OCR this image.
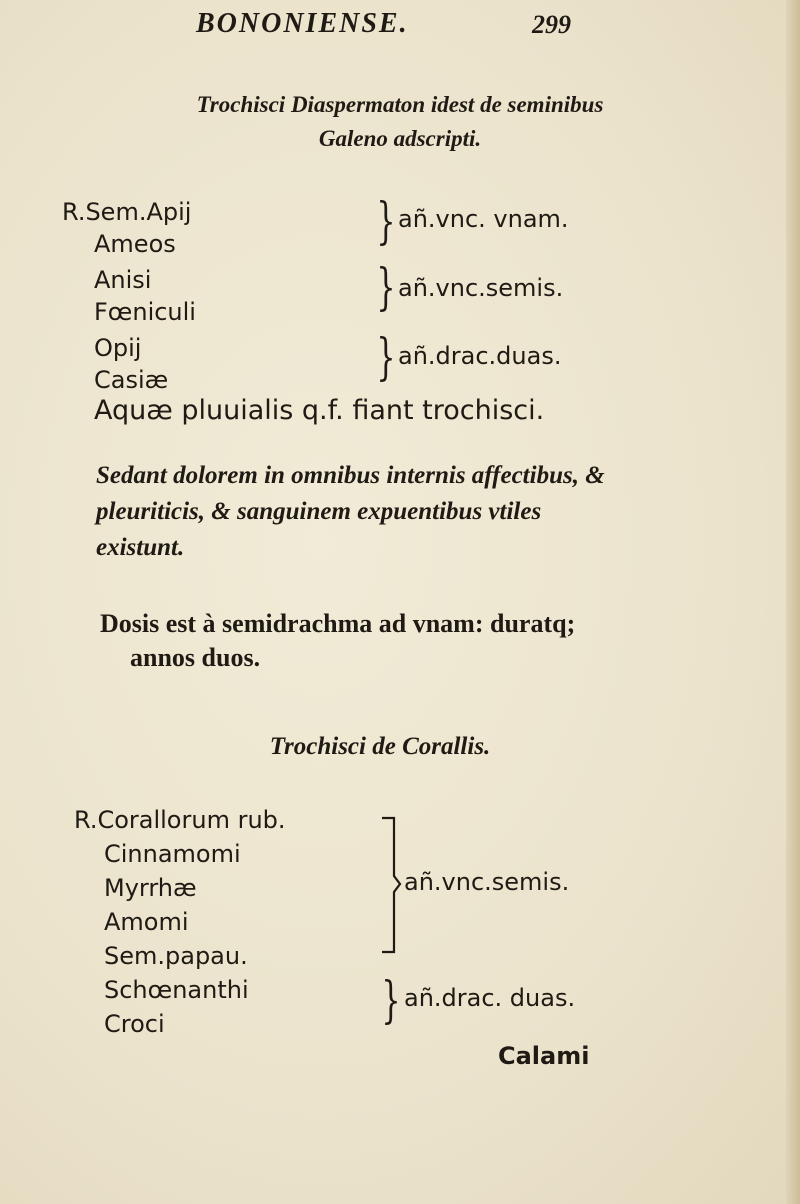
BONONIENSE.	299
Trochisci Diaspermaton idest de seminibus
Galeno adscripti.
R.Sem.Apij
Ameos
Anisi
Fœniculi
Opij
Casiæ
}
}
}
añ.vnc. vnam.
añ.vnc.semis.
añ.drac.duas.
Aquæ pluuialis q.f. fiant trochisci.
Sedant dolorem in omnibus internis affectibus, &
pleuriticis, & sanguinem expuentibus vtiles
existunt.
Dosis est à semidrachma ad vnam: duratq;
annos duos.
Trochisci de Corallis.
R.Corallorum rub.
Cinnamomi
Myrrhæ
Amomi
Sem.papau.
Schœnanthi
Croci
añ.vnc.semis.
} añ.drac. duas.
Calami
